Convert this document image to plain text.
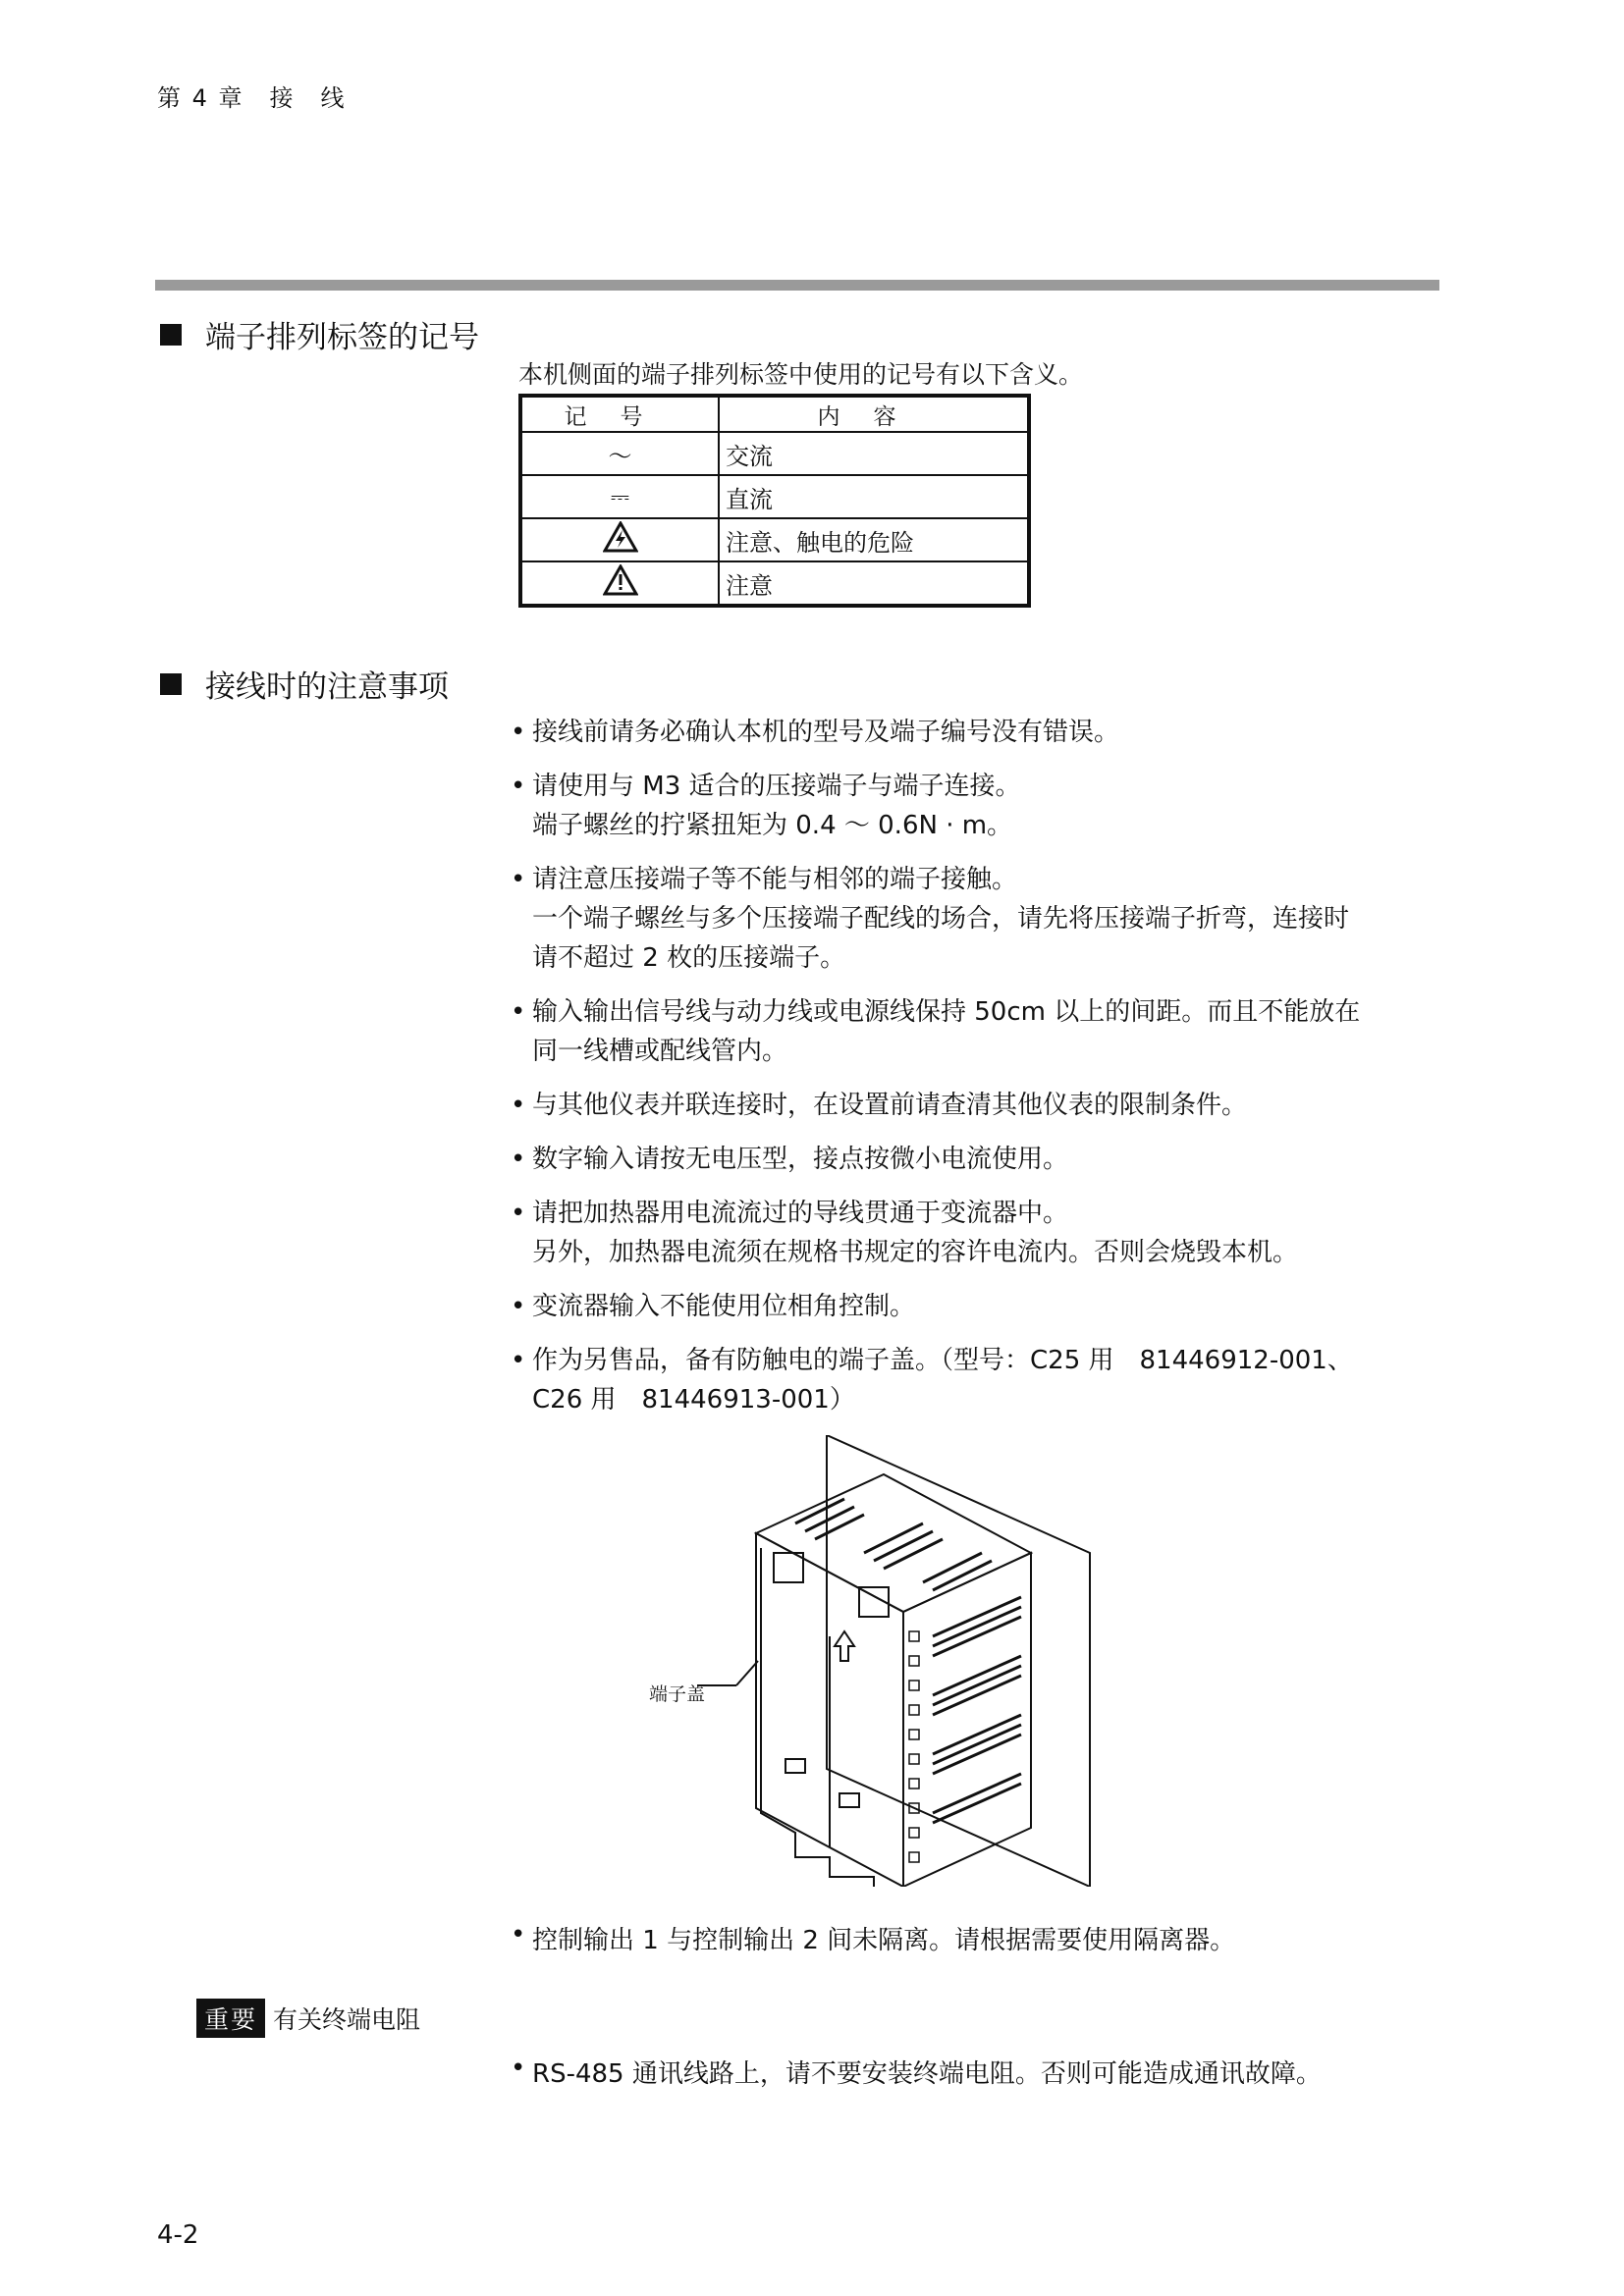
第 4 章　接　线
端子排列标签的记号
本机侧面的端子排列标签中使用的记号有以下含义。
记号	内容
～	交流
⎓	直流
	注意、触电的危险
	注意
接线时的注意事项
• 接线前请务必确认本机的型号及端子编号没有错误。

• 请使用与 M3 适合的压接端子与端子连接。

端子螺丝的拧紧扭矩为 0.4 ～ 0.6N · m。

• 请注意压接端子等不能与相邻的端子接触。

一个端子螺丝与多个压接端子配线的场合，请先将压接端子折弯，连接时

请不超过 2 枚的压接端子。

• 输入输出信号线与动力线或电源线保持 50cm 以上的间距。而且不能放在

同一线槽或配线管内。

• 与其他仪表并联连接时，在设置前请查清其他仪表的限制条件。

• 数字输入请按无电压型，接点按微小电流使用。

• 请把加热器用电流流过的导线贯通于变流器中。

另外，加热器电流须在规格书规定的容许电流内。否则会烧毁本机。

• 变流器输入不能使用位相角控制。

• 作为另售品，备有防触电的端子盖。（型号：C25 用　81446912-001、

C26 用　81446913-001）

端子盖
• 控制输出 1 与控制输出 2 间未隔离。请根据需要使用隔离器。
重要 有关终端电阻
• RS-485 通讯线路上，请不要安装终端电阻。否则可能造成通讯故障。
4-2
